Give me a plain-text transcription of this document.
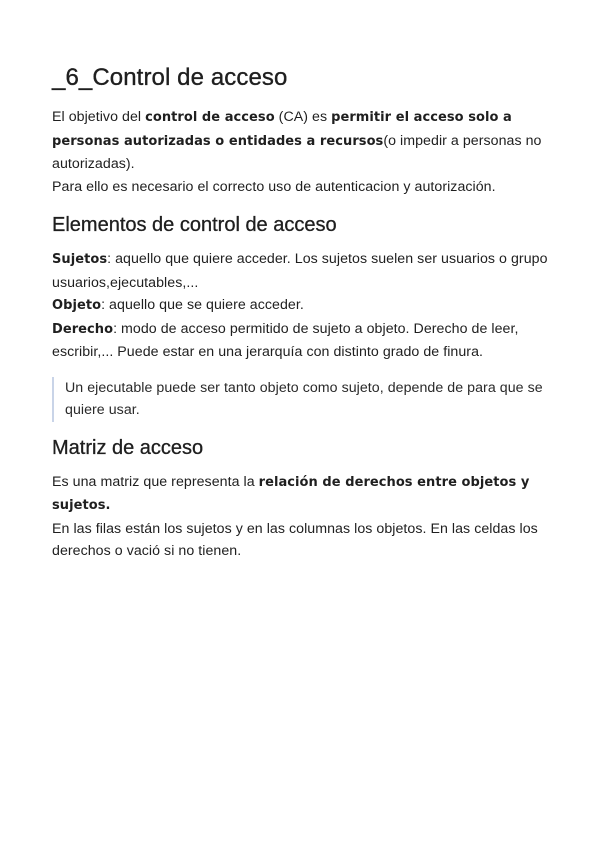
_6_Control de acceso

El objetivo del control de acceso (CA) es permitir el acceso solo a personas autorizadas o entidades a recursos(o impedir a personas no autorizadas).

Para ello es necesario el correcto uso de autenticacion y autorización.

Elementos de control de acceso

Sujetos: aquello que quiere acceder. Los sujetos suelen ser usuarios o grupo usuarios,ejecutables,...

Objeto: aquello que se quiere acceder.

Derecho: modo de acceso permitido de sujeto a objeto. Derecho de leer, escribir,... Puede estar en una jerarquía con distinto grado de finura.

Un ejecutable puede ser tanto objeto como sujeto, depende de para que se quiere usar.

Matriz de acceso

Es una matriz que representa la relación de derechos entre objetos y sujetos.

En las filas están los sujetos y en las columnas los objetos. En las celdas los derechos o vació si no tienen.
